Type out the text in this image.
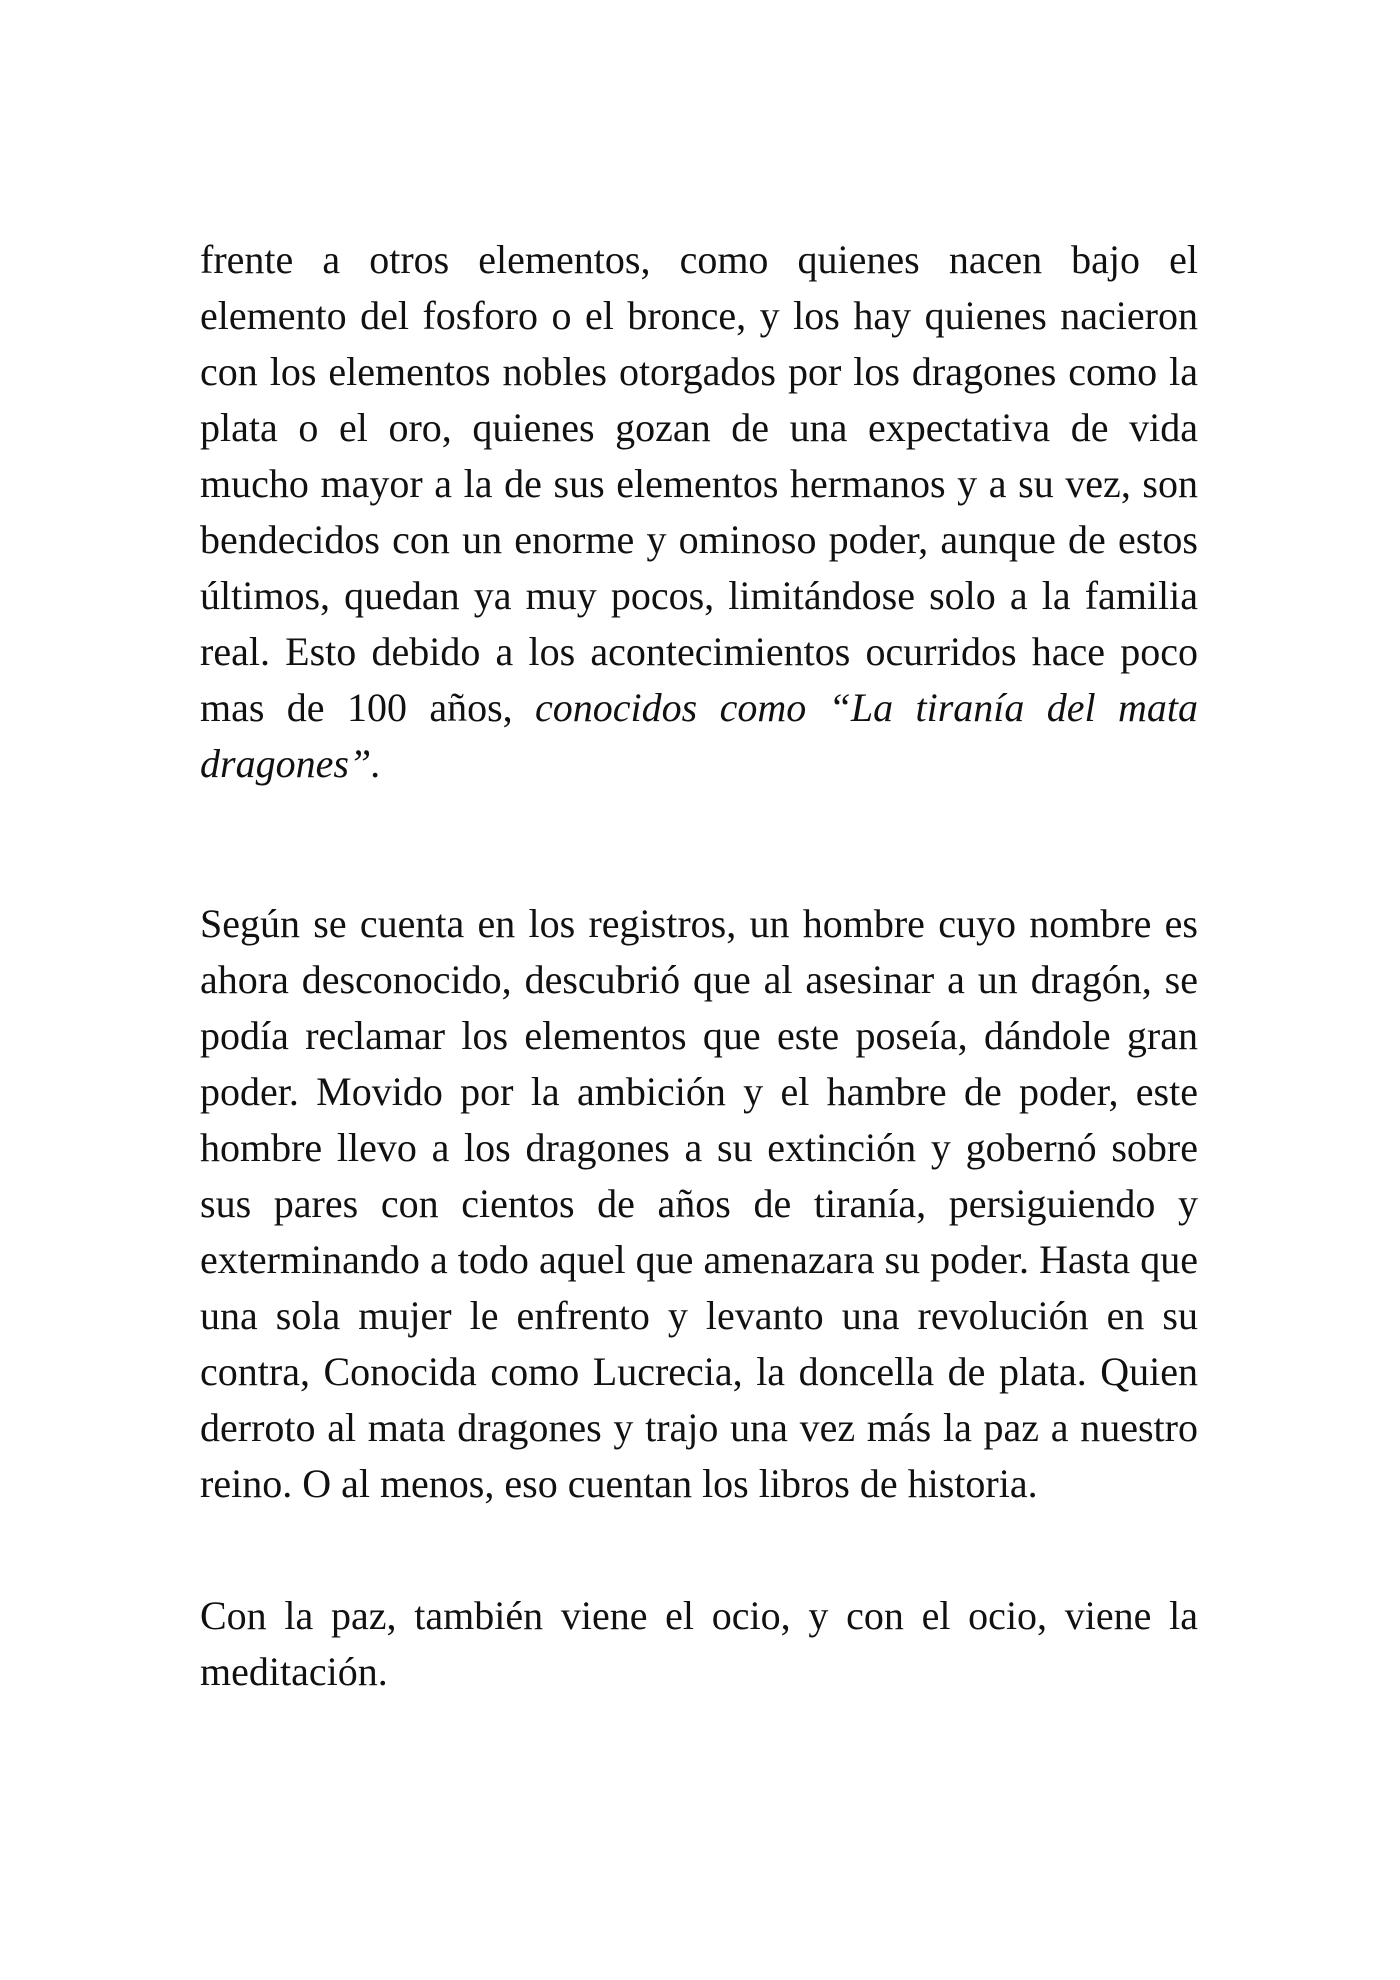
frente a otros elementos, como quienes nacen bajo el elemento del fosforo o el bronce, y los hay quienes nacieron con los elementos nobles otorgados por los dragones como la plata o el oro, quienes gozan de una expectativa de vida mucho mayor a la de sus elementos hermanos y a su vez, son bendecidos con un enorme y ominoso poder, aunque de estos últimos, quedan ya muy pocos, limitándose solo a la familia real. Esto debido a los acontecimientos ocurridos hace poco mas de 100 años, conocidos como “La tiranía del mata dragones”.

Según se cuenta en los registros, un hombre cuyo nombre es ahora desconocido, descubrió que al asesinar a un dragón, se podía reclamar los elementos que este poseía, dándole gran poder. Movido por la ambición y el hambre de poder, este hombre llevo a los dragones a su extinción y gobernó sobre sus pares con cientos de años de tiranía, persiguiendo y exterminando a todo aquel que amenazara su poder. Hasta que una sola mujer le enfrento y levanto una revolución en su contra, Conocida como Lucrecia, la doncella de plata. Quien derroto al mata dragones y trajo una vez más la paz a nuestro reino. O al menos, eso cuentan los libros de historia.

Con la paz, también viene el ocio, y con el ocio, viene la meditación.
